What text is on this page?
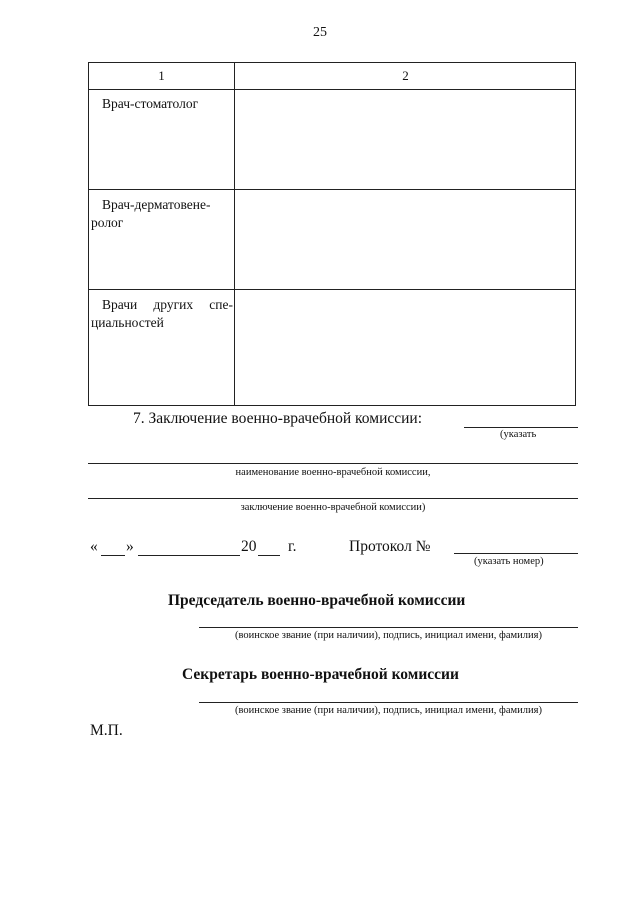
25
1	2
Врач-стоматолог
Врач-дерматовене-
ролог
Врачи других спе-
циальностей
7. Заключение военно-врачебной комиссии:
(указать
наименование военно-врачебной комиссии,
заключение военно-врачебной комиссии)
« »	20 г.	Протокол №
(указать номер)
Председатель военно-врачебной комиссии
(воинское звание (при наличии), подпись, инициал имени, фамилия)
Секретарь военно-врачебной комиссии
(воинское звание (при наличии), подпись, инициал имени, фамилия)
М.П.
